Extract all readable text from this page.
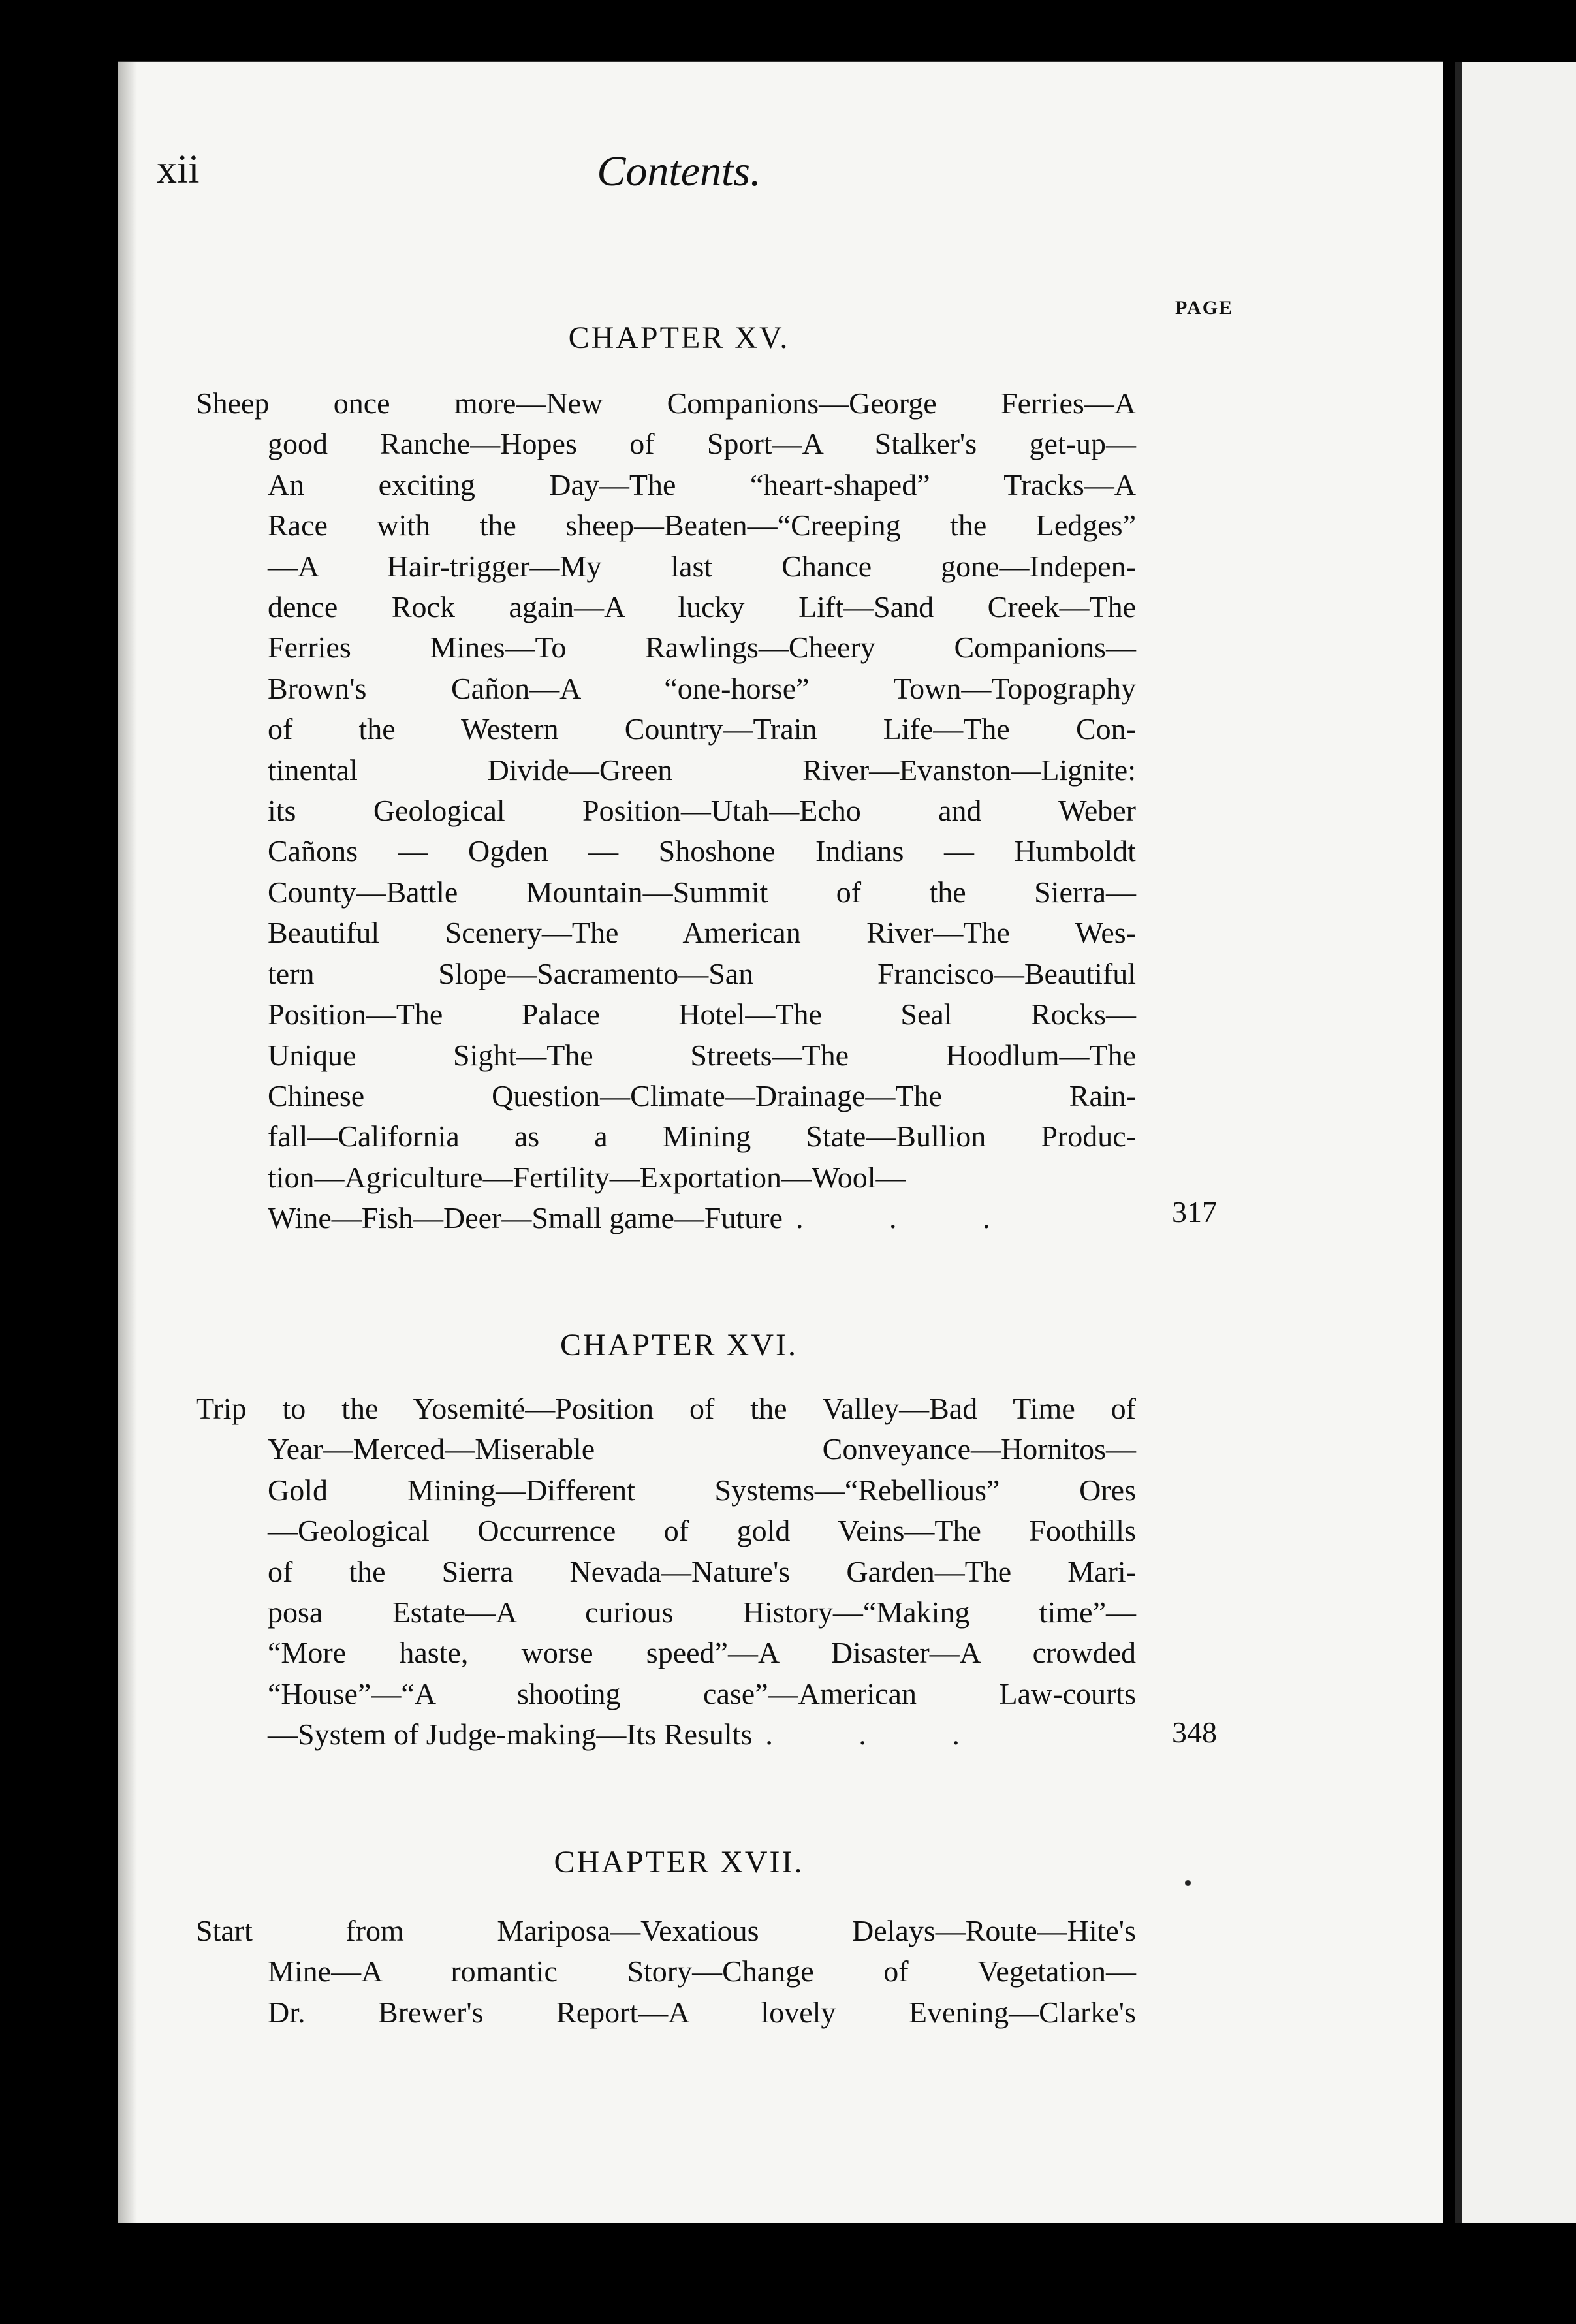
xii	Contents.
PAGE
CHAPTER XV.
Sheep once more—New Companions—George Ferries—A
good Ranche—Hopes of Sport—A Stalker's get-up—
An exciting Day—The “heart-shaped” Tracks—A
Race with the sheep—Beaten—“Creeping the Ledges”
—A Hair-trigger—My last Chance gone—Indepen-
dence Rock again—A lucky Lift—Sand Creek—The
Ferries Mines—To Rawlings—Cheery Companions—
Brown's Cañon—A “one-horse” Town—Topography
of the Western Country—Train Life—The Con-
tinental Divide—Green River—Evanston—Lignite:
its Geological Position—Utah—Echo and Weber
Cañons — Ogden — Shoshone Indians — Humboldt
County—Battle Mountain—Summit of the Sierra—
Beautiful Scenery—The American River—The Wes-
tern Slope—Sacramento—San Francisco—Beautiful
Position—The Palace Hotel—The Seal Rocks—
Unique Sight—The Streets—The Hoodlum—The
Chinese Question—Climate—Drainage—The Rain-
fall—California as a Mining State—Bullion Produc-
tion—Agriculture—Fertility—Exportation—Wool—
Wine—Fish—Deer—Small game—Future . . .	317
CHAPTER XVI.
Trip to the Yosemité—Position of the Valley—Bad Time of
Year—Merced—Miserable Conveyance—Hornitos—
Gold Mining—Different Systems—“Rebellious” Ores
—Geological Occurrence of gold Veins—The Foothills
of the Sierra Nevada—Nature's Garden—The Mari-
posa Estate—A curious History—“Making time”—
“More haste, worse speed”—A Disaster—A crowded
“House”—“A shooting case”—American Law-courts
—System of Judge-making—Its Results . . .	348
CHAPTER XVII.
Start from Mariposa—Vexatious Delays—Route—Hite's
Mine—A romantic Story—Change of Vegetation—
Dr. Brewer's Report—A lovely Evening—Clarke's
